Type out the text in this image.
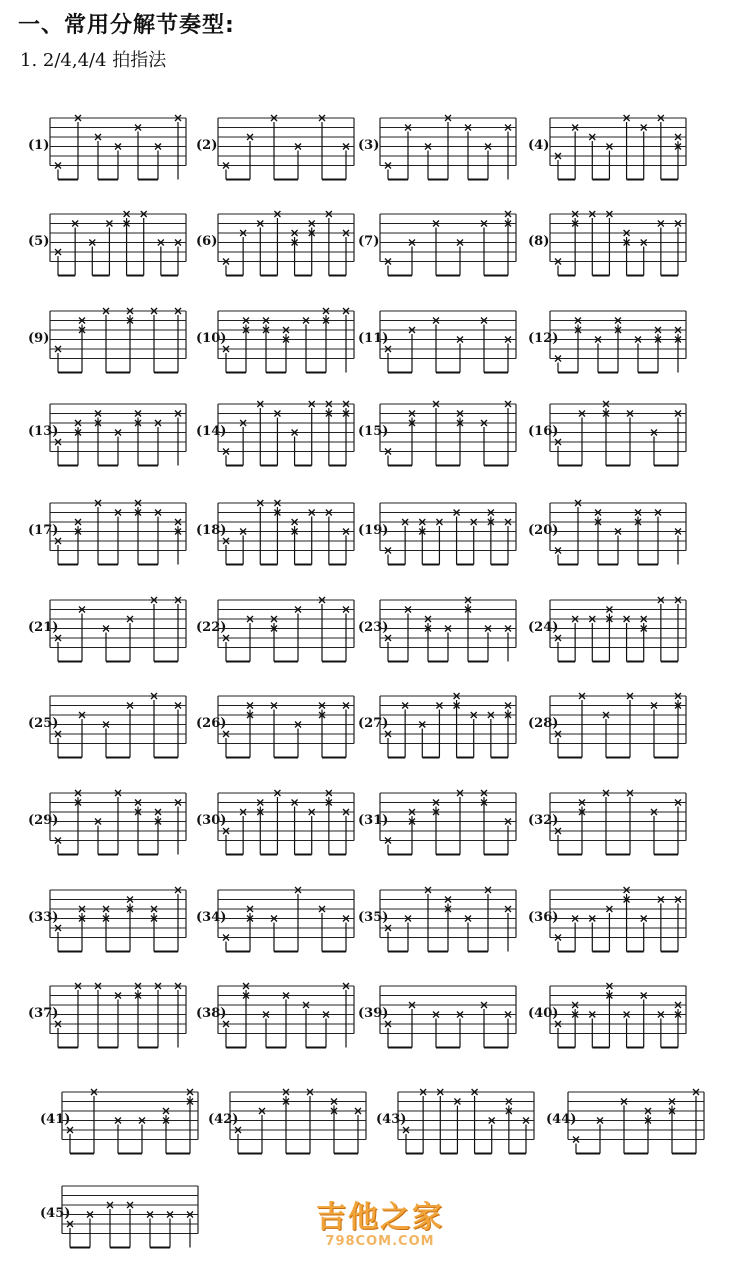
一、常用分解节奏型:
1. 2/4,4/4 拍指法
(1)	(2)	(3)	(4)
(5)	(6)	(7)	(8)
(9)	(10)	(11)	(12)
(13)	(14)	(15)	(16)
(17)	(18)	(19)	(20)
(21)	(22)	(23)	(24)
(25)	(26)	(27)	(28)
(29)	(30)	(31)	(32)
(33)	(34)	(35)	(36)
(37)	(38)	(39)	(40)
(41)	(42)	(43)	(44)
(45)	吉他之家
798COM.COM
